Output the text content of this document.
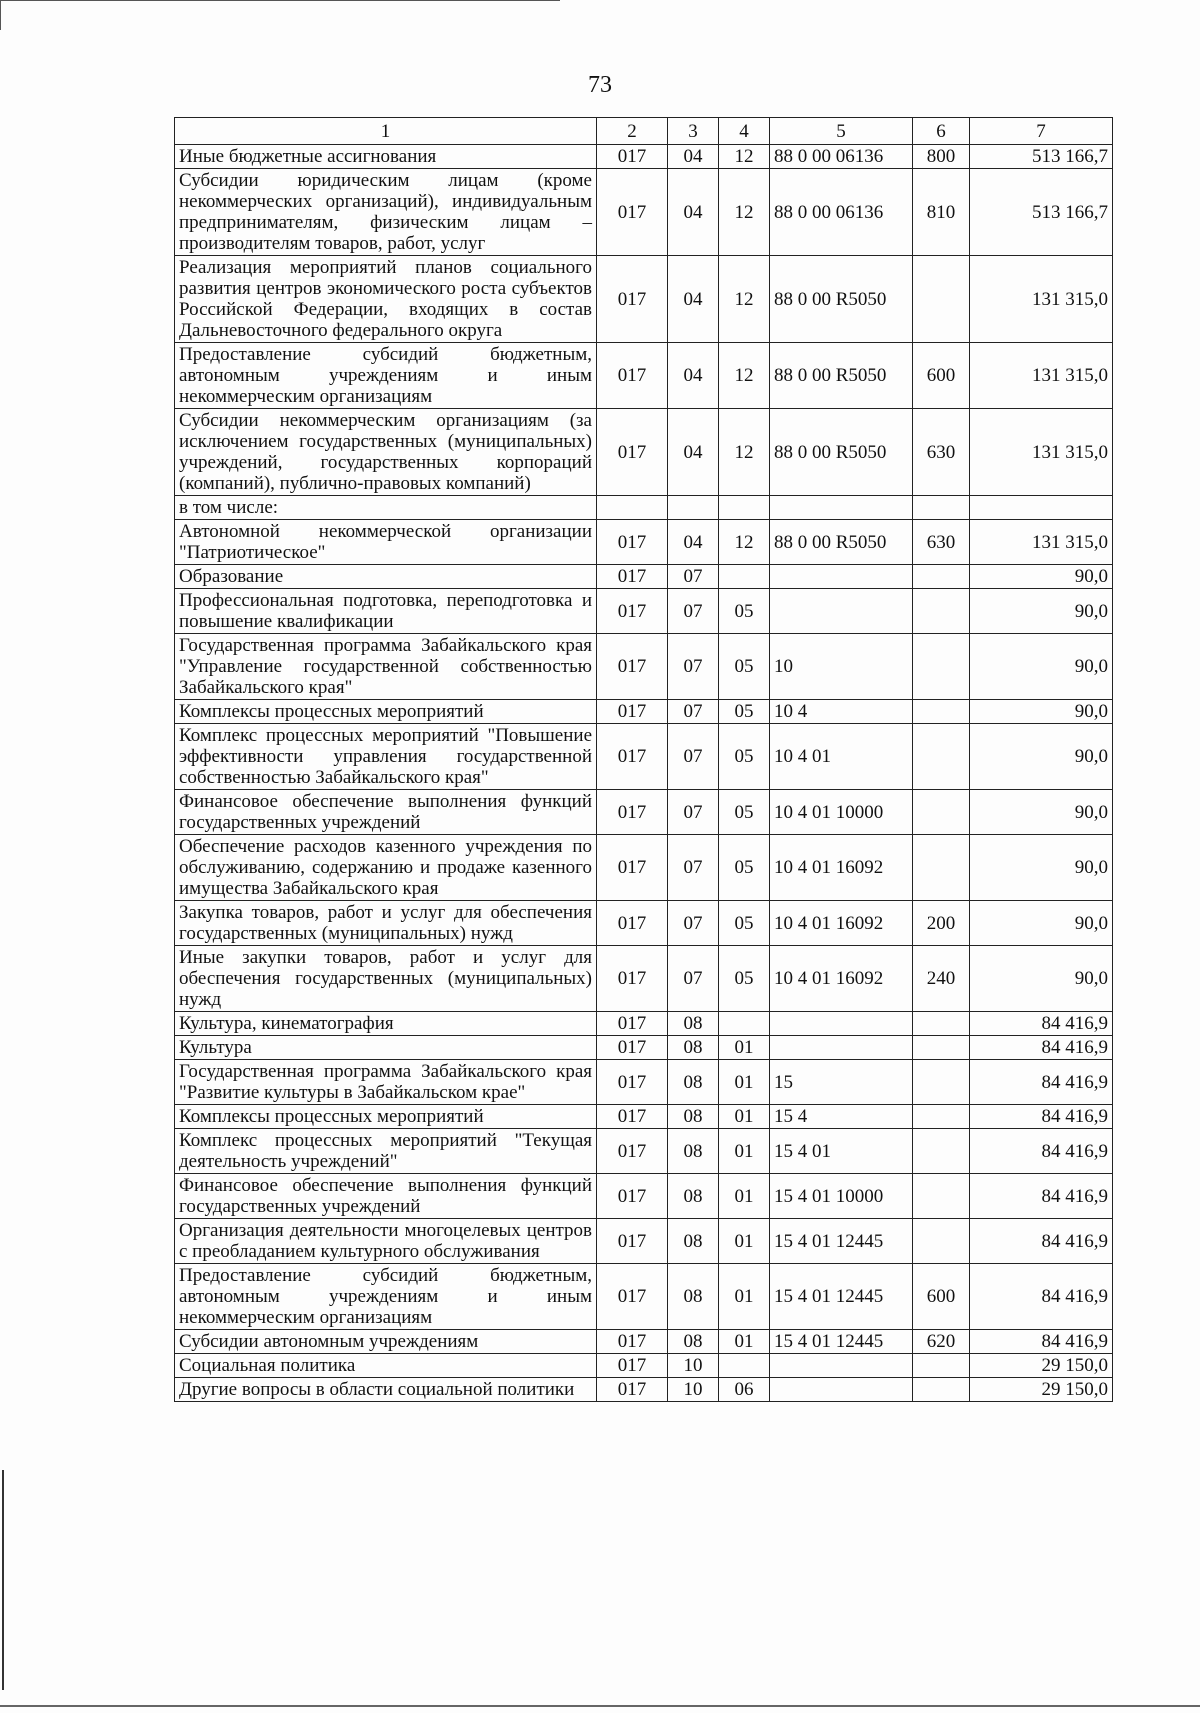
73
1	2	3	4	5	6	7
Иные бюджетные ассигнования	017	04	12	88 0 00 06136	800	513 166,7
Субсидии юридическим лицам (кроме некоммерческих организаций), индивидуальным предпринимателям, физическим лицам – производителям товаров, работ, услуг	017	04	12	88 0 00 06136	810	513 166,7
Реализация мероприятий планов социального развития центров экономического роста субъектов Российской Федерации, входящих в состав Дальневосточного федерального округа	017	04	12	88 0 00 R5050		131 315,0
Предоставление субсидий бюджетным, автономным учреждениям и иным некоммерческим организациям	017	04	12	88 0 00 R5050	600	131 315,0
Субсидии некоммерческим организациям (за исключением государственных (муниципальных) учреждений, государственных корпораций (компаний), публично-правовых компаний)	017	04	12	88 0 00 R5050	630	131 315,0
в том числе:						
Автономной некоммерческой организации "Патриотическое"	017	04	12	88 0 00 R5050	630	131 315,0
Образование	017	07				90,0
Профессиональная подготовка, переподготовка и повышение квалификации	017	07	05			90,0
Государственная программа Забайкальского края "Управление государственной собственностью Забайкальского края"	017	07	05	10		90,0
Комплексы процессных мероприятий	017	07	05	10 4		90,0
Комплекс процессных мероприятий "Повышение эффективности управления государственной собственностью Забайкальского края"	017	07	05	10 4 01		90,0
Финансовое обеспечение выполнения функций государственных учреждений	017	07	05	10 4 01 10000		90,0
Обеспечение расходов казенного учреждения по обслуживанию, содержанию и продаже казенного имущества Забайкальского края	017	07	05	10 4 01 16092		90,0
Закупка товаров, работ и услуг для обеспечения государственных (муниципальных) нужд	017	07	05	10 4 01 16092	200	90,0
Иные закупки товаров, работ и услуг для обеспечения государственных (муниципальных) нужд	017	07	05	10 4 01 16092	240	90,0
Культура, кинематография	017	08				84 416,9
Культура	017	08	01			84 416,9
Государственная программа Забайкальского края "Развитие культуры в Забайкальском крае"	017	08	01	15		84 416,9
Комплексы процессных мероприятий	017	08	01	15 4		84 416,9
Комплекс процессных мероприятий "Текущая деятельность учреждений"	017	08	01	15 4 01		84 416,9
Финансовое обеспечение выполнения функций государственных учреждений	017	08	01	15 4 01 10000		84 416,9
Организация деятельности многоцелевых центров с преобладанием культурного обслуживания	017	08	01	15 4 01 12445		84 416,9
Предоставление субсидий бюджетным, автономным учреждениям и иным некоммерческим организациям	017	08	01	15 4 01 12445	600	84 416,9
Субсидии автономным учреждениям	017	08	01	15 4 01 12445	620	84 416,9
Социальная политика	017	10				29 150,0
Другие вопросы в области социальной политики	017	10	06			29 150,0
